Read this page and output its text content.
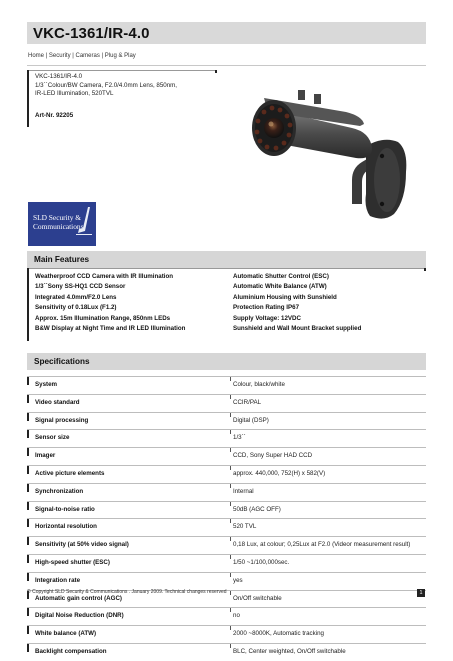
VKC-1361/IR-4.0
Home | Security | Cameras | Plug & Play
VKC-1361/IR-4.0
1/3``Colour/BW Camera, F2.0/4.0mm Lens, 850nm,
IR-LED Illumination, 520TVL
Art-Nr. 92205
SLD Security &
Communications
Main Features
Weatherproof CCD Camera with IR Illumination
1/3``Sony SS-HQ1 CCD Sensor
Integrated 4.0mm/F2.0 Lens
Sensitivity of 0.18Lux (F1.2)
Approx. 15m Illumination Range, 850nm LEDs
B&W Display at Night Time and IR LED Illumination
Automatic Shutter Control (ESC)
Automatic White Balance (ATW)
Aluminium Housing with Sunshield
Protection Rating IP67
Supply Voltage: 12VDC
Sunshield and Wall Mount Bracket supplied
Specifications
System	Colour, black/white
Video standard	CCIR/PAL
Signal processing	Digital (DSP)
Sensor size	1/3``
Imager	CCD, Sony Super HAD CCD
Active picture elements	approx. 440,000, 752(H) x 582(V)
Synchronization	Internal
Signal-to-noise ratio	50dB (AGC OFF)
Horizontal resolution	520 TVL
Sensitivity (at 50% video signal)	0,18 Lux, at colour; 0,25Lux at F2.0 (Videor measurement result)
High-speed shutter (ESC)	1/50 ~1/100,000sec.
Integration rate	yes
Automatic gain control (AGC)	On/Off switchable
Digital Noise Reduction (DNR)	no
White balance (ATW)	2000 ~8000K, Automatic tracking
Backlight compensation	BLC, Center weighted, On/Off switchable
© Copyright SLD Security & Communications . January 2009. Technical changes reserved	1
